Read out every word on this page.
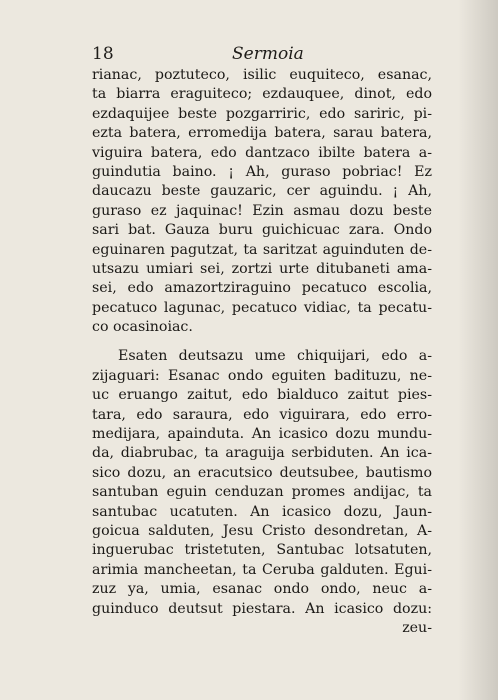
18	Sermoia
rianac, poztuteco, isilic euquiteco, esanac,
ta biarra eraguiteco; ezdauquee, dinot, edo
ezdaquijee beste pozgarriric, edo sariric, pi-
ezta batera, erromedija batera, sarau batera,
viguira batera, edo dantzaco ibilte batera a-
guindutia baino. ¡ Ah, guraso pobriac! Ez
daucazu beste gauzaric, cer aguindu. ¡ Ah,
guraso ez jaquinac! Ezin asmau dozu beste
sari bat. Gauza buru guichicuac zara. Ondo
eguinaren pagutzat, ta saritzat aguinduten de-
utsazu umiari sei, zortzi urte ditubaneti ama-
sei, edo amazortziraguino pecatuco escolia,
pecatuco lagunac, pecatuco vidiac, ta pecatu-
co ocasinoiac.
Esaten deutsazu ume chiquijari, edo a-
zijaguari: Esanac ondo eguiten badituzu, ne-
uc eruango zaitut, edo bialduco zaitut pies-
tara, edo saraura, edo viguirara, edo erro-
medijara, apainduta. An icasico dozu mundu-
da, diabrubac, ta araguija serbiduten. An ica-
sico dozu, an eracutsico deutsubee, bautismo
santuban eguin cenduzan promes andijac, ta
santubac ucatuten. An icasico dozu, Jaun-
goicua salduten, Jesu Cristo desondretan, A-
inguerubac tristetuten, Santubac lotsatuten,
arimia mancheetan, ta Ceruba galduten. Egui-
zuz ya, umia, esanac ondo ondo, neuc a-
guinduco deutsut piestara. An icasico dozu:
zeu-
